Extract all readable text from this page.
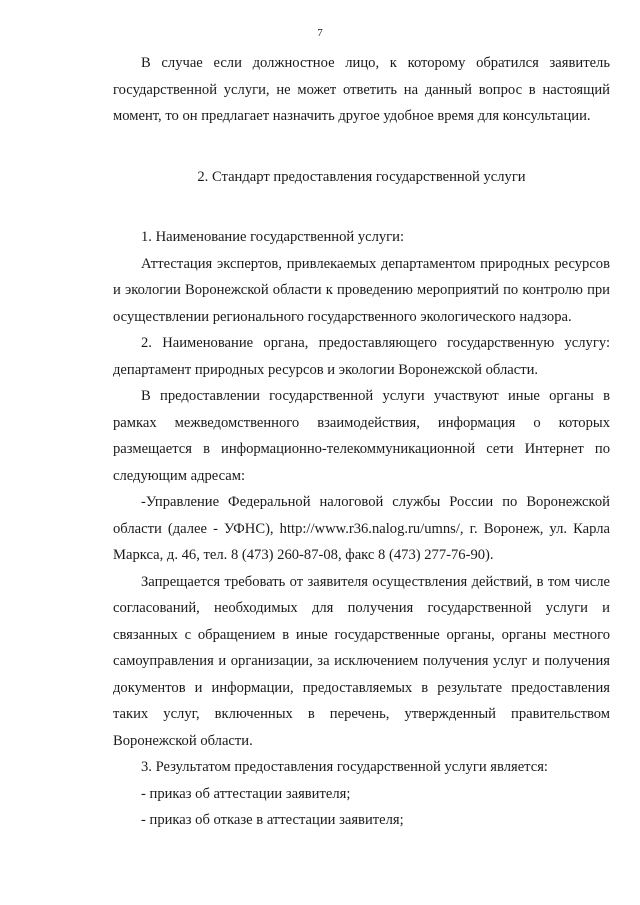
7

В случае если должностное лицо, к которому обратился заявитель государственной услуги, не может ответить на данный вопрос в настоящий момент, то он предлагает назначить другое удобное время для консультации.

2. Стандарт предоставления государственной услуги

1. Наименование государственной услуги:

Аттестация экспертов, привлекаемых департаментом природных ресурсов и экологии Воронежской области к проведению мероприятий по контролю при осуществлении регионального государственного экологического надзора.

2. Наименование органа, предоставляющего государственную услугу: департамент природных ресурсов и экологии Воронежской области.

В предоставлении государственной услуги участвуют иные органы в рамках межведомственного взаимодействия, информация о которых размещается в информационно-телекоммуникационной сети Интернет по следующим адресам:

-Управление Федеральной налоговой службы России по Воронежской области (далее - УФНС), http://www.r36.nalog.ru/umns/, г. Воронеж, ул. Карла Маркса, д. 46, тел. 8 (473) 260-87-08, факс 8 (473) 277-76-90).

Запрещается требовать от заявителя осуществления действий, в том числе согласований, необходимых для получения государственной услуги и связанных с обращением в иные государственные органы, органы местного самоуправления и организации, за исключением получения услуг и получения документов и информации, предоставляемых в результате предоставления таких услуг, включенных в перечень, утвержденный правительством Воронежской области.

3. Результатом предоставления государственной услуги является:

- приказ об аттестации заявителя;

- приказ об отказе в аттестации заявителя;
